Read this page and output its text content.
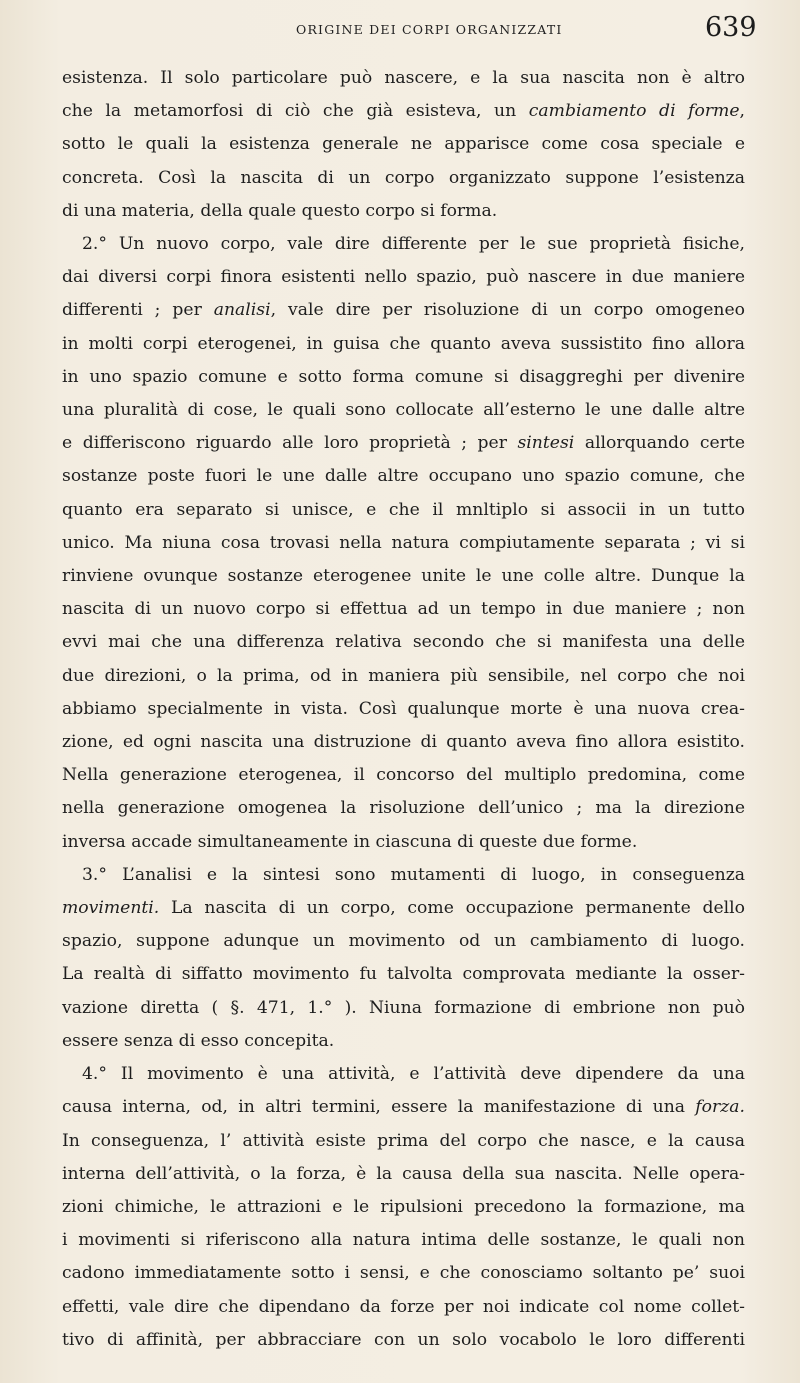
ORIGINE DEI CORPI ORGANIZZATI	639
esistenza. Il solo particolare può nascere, e la sua nascita non è altro
che la metamorfosi di ciò che già esisteva, un cambiamento di forme,
sotto le quali la esistenza generale ne apparisce come cosa speciale e
concreta. Così la nascita di un corpo organizzato suppone l’esistenza
di una materia, della quale questo corpo si forma.
2.° Un nuovo corpo, vale dire differente per le sue proprietà fisiche,
dai diversi corpi finora esistenti nello spazio, può nascere in due maniere
differenti ; per analisi, vale dire per risoluzione di un corpo omogeneo
in molti corpi eterogenei, in guisa che quanto aveva sussistito fino allora
in uno spazio comune e sotto forma comune si disaggreghi per divenire
una pluralità di cose, le quali sono collocate all’esterno le une dalle altre
e differiscono riguardo alle loro proprietà ; per sintesi allorquando certe
sostanze poste fuori le une dalle altre occupano uno spazio comune, che
quanto era separato si unisce, e che il mnltiplo si associi in un tutto
unico. Ma niuna cosa trovasi nella natura compiutamente separata ; vi si
rinviene ovunque sostanze eterogenee unite le une colle altre. Dunque la
nascita di un nuovo corpo si effettua ad un tempo in due maniere ; non
evvi mai che una differenza relativa secondo che si manifesta una delle
due direzioni, o la prima, od in maniera più sensibile, nel corpo che noi
abbiamo specialmente in vista. Così qualunque morte è una nuova crea-
zione, ed ogni nascita una distruzione di quanto aveva fino allora esistito.
Nella generazione eterogenea, il concorso del multiplo predomina, come
nella generazione omogenea la risoluzione dell’unico ; ma la direzione
inversa accade simultaneamente in ciascuna di queste due forme.
3.° L’analisi e la sintesi sono mutamenti di luogo, in conseguenza
movimenti. La nascita di un corpo, come occupazione permanente dello
spazio, suppone adunque un movimento od un cambiamento di luogo.
La realtà di siffatto movimento fu talvolta comprovata mediante la osser-
vazione diretta ( §. 471, 1.° ). Niuna formazione di embrione non può
essere senza di esso concepita.
4.° Il movimento è una attività, e l’attività deve dipendere da una
causa interna, od, in altri termini, essere la manifestazione di una forza.
In conseguenza, l’ attività esiste prima del corpo che nasce, e la causa
interna dell’attività, o la forza, è la causa della sua nascita. Nelle opera-
zioni chimiche, le attrazioni e le ripulsioni precedono la formazione, ma
i movimenti si riferiscono alla natura intima delle sostanze, le quali non
cadono immediatamente sotto i sensi, e che conosciamo soltanto pe’ suoi
effetti, vale dire che dipendano da forze per noi indicate col nome collet-
tivo di affinità, per abbracciare con un solo vocabolo le loro differenti
